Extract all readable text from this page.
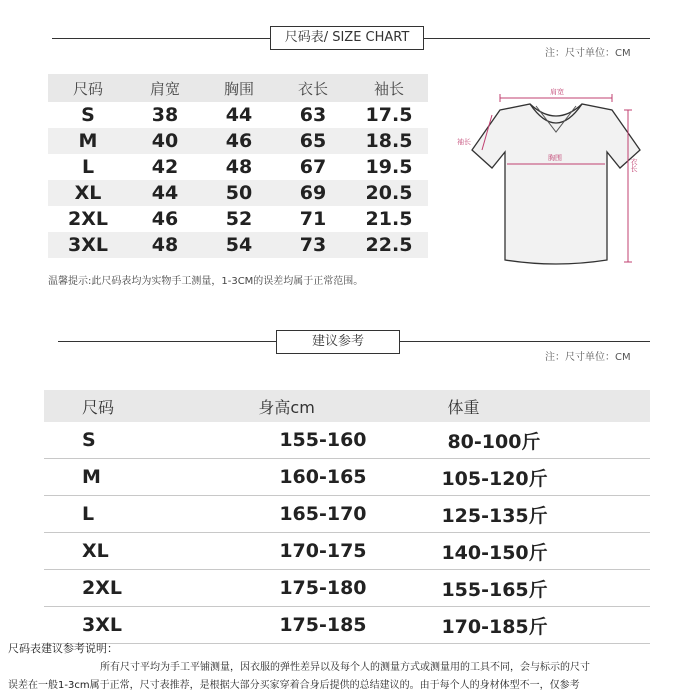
尺码表/ SIZE CHART
注：尺寸单位：CM
尺码	肩宽	胸围	衣长	袖长
S	38	44	63	17.5
M	40	46	65	18.5
L	42	48	67	19.5
XL	44	50	69	20.5
2XL	46	52	71	21.5
3XL	48	54	73	22.5
温馨提示:此尺码表均为实物手工测量，1-3CM的误差均属于正常范围。
肩宽
袖长
胸围	衣长
建议参考
注：尺寸单位：CM
尺码	身高cm	体重
S	155-160	80-100斤
M	160-165	105-120斤
L	165-170	125-135斤
XL	170-175	140-150斤
2XL	175-180	155-165斤
3XL	175-185	170-185斤
尺码表建议参考说明：
所有尺寸平均为手工平铺测量，因衣服的弹性差异以及每个人的测量方式或测量用的工具不同，会与标示的尺寸
误差在一般1-3cm属于正常，尺寸表推荐，是根据大部分买家穿着合身后提供的总结建议的。由于每个人的身材体型不一，仅参考
